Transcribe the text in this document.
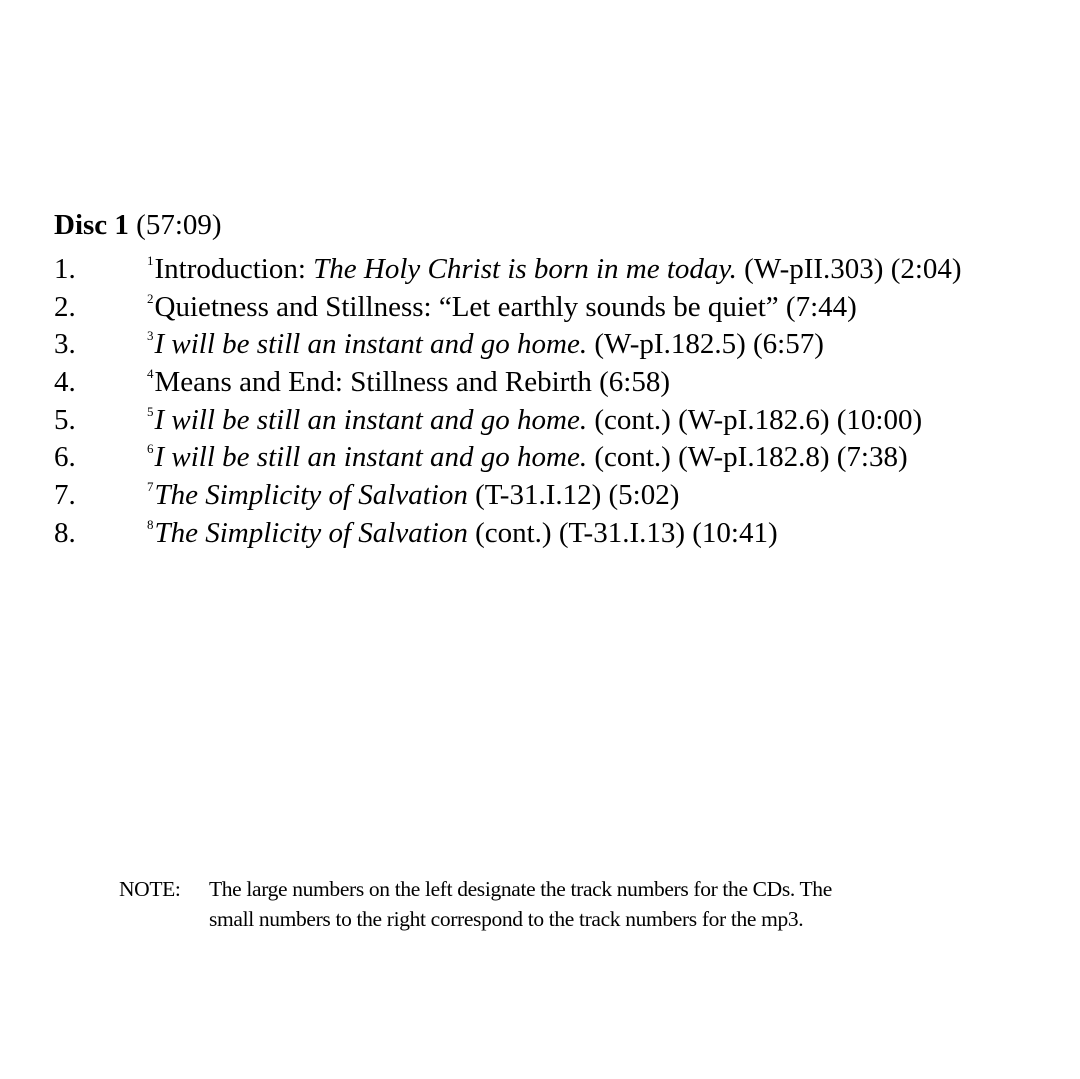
Disc 1 (57:09)
1.	$^1$Introduction: The Holy Christ is born in me today. (W-pII.303) (2:04)
2.	$^2$Quietness and Stillness: “Let earthly sounds be quiet” (7:44)
3.	$^3$I will be still an instant and go home. (W-pI.182.5) (6:57)
4.	$^4$Means and End: Stillness and Rebirth (6:58)
5.	$^5$I will be still an instant and go home. (cont.) (W-pI.182.6) (10:00)
6.	$^6$I will be still an instant and go home. (cont.) (W-pI.182.8) (7:38)
7.	$^7$The Simplicity of Salvation (T-31.I.12) (5:02)
8.	$^8$The Simplicity of Salvation (cont.) (T-31.I.13) (10:41)
NOTE: The large numbers on the left designate the track numbers for the CDs. The
small numbers to the right correspond to the track numbers for the mp3.
